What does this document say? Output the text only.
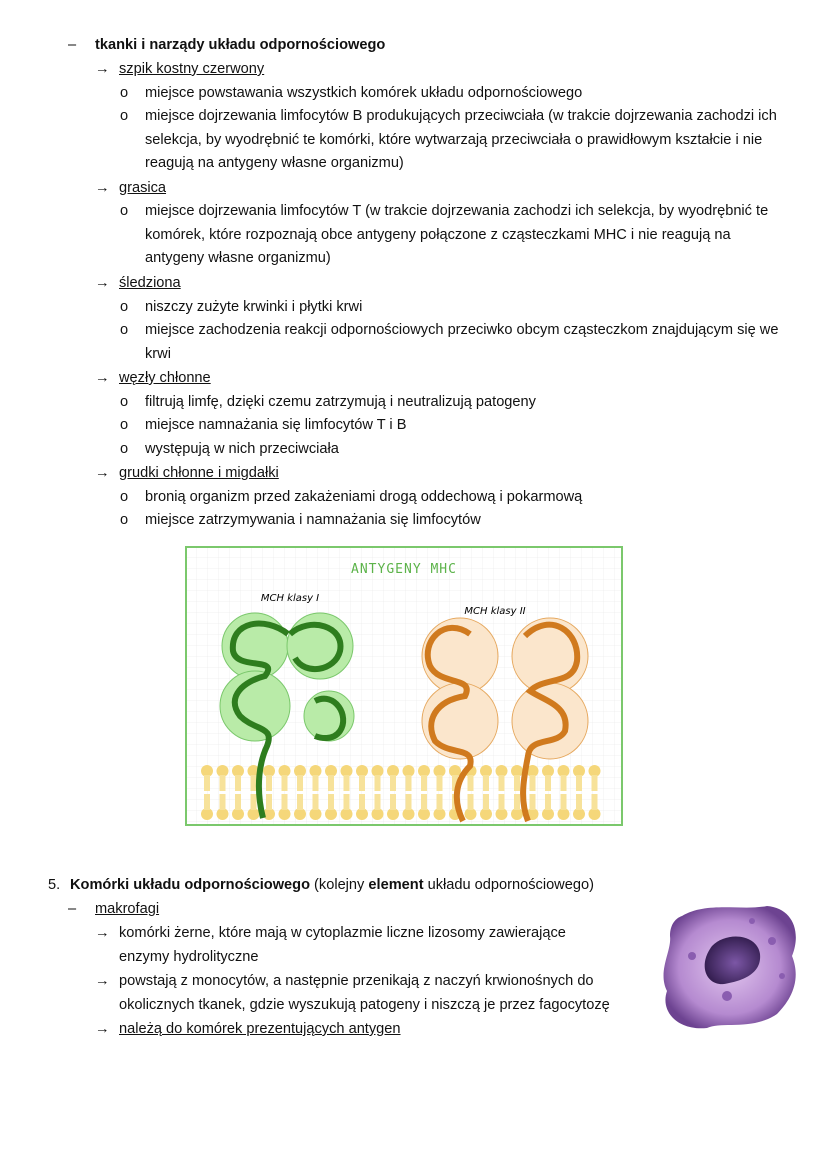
– tkanki i narządy układu odpornościowego
→ szpik kostny czerwony
o miejsce powstawania wszystkich komórek układu odpornościowego
o miejsce dojrzewania limfocytów B produkujących przeciwciała (w trakcie dojrzewania zachodzi ich selekcja, by wyodrębnić te komórki, które wytwarzają przeciwciała o prawidłowym kształcie i nie reagują na antygeny własne organizmu)
→ grasica
o miejsce dojrzewania limfocytów T (w trakcie dojrzewania zachodzi ich selekcja, by wyodrębnić te komórek, które rozpoznają obce antygeny połączone z cząsteczkami MHC i nie reagują na antygeny własne organizmu)
→ śledziona
o niszczy zużyte krwinki i płytki krwi
o miejsce zachodzenia reakcji odpornościowych przeciwko obcym cząsteczkom znajdującym się we krwi
→ węzły chłonne
o filtrują limfę, dzięki czemu zatrzymują i neutralizują patogeny
o miejsce namnażania się limfocytów T i B
o występują w nich przeciwciała
→ grudki chłonne i migdałki
o bronią organizm przed zakażeniami drogą oddechową i pokarmową
o miejsce zatrzymywania i namnażania się limfocytów
ANTYGENY MHC
MCH klasy I
MCH klasy II
5. Komórki układu odpornościowego (kolejny element układu odpornościowego)
– makrofagi
→ komórki żerne, które mają w cytoplazmie liczne lizosomy zawierające enzymy hydrolityczne
→ powstają z monocytów, a następnie przenikają z naczyń krwionośnych do okolicznych tkanek, gdzie wyszukują patogeny i niszczą je przez fagocytozę
→ należą do komórek prezentujących antygen
